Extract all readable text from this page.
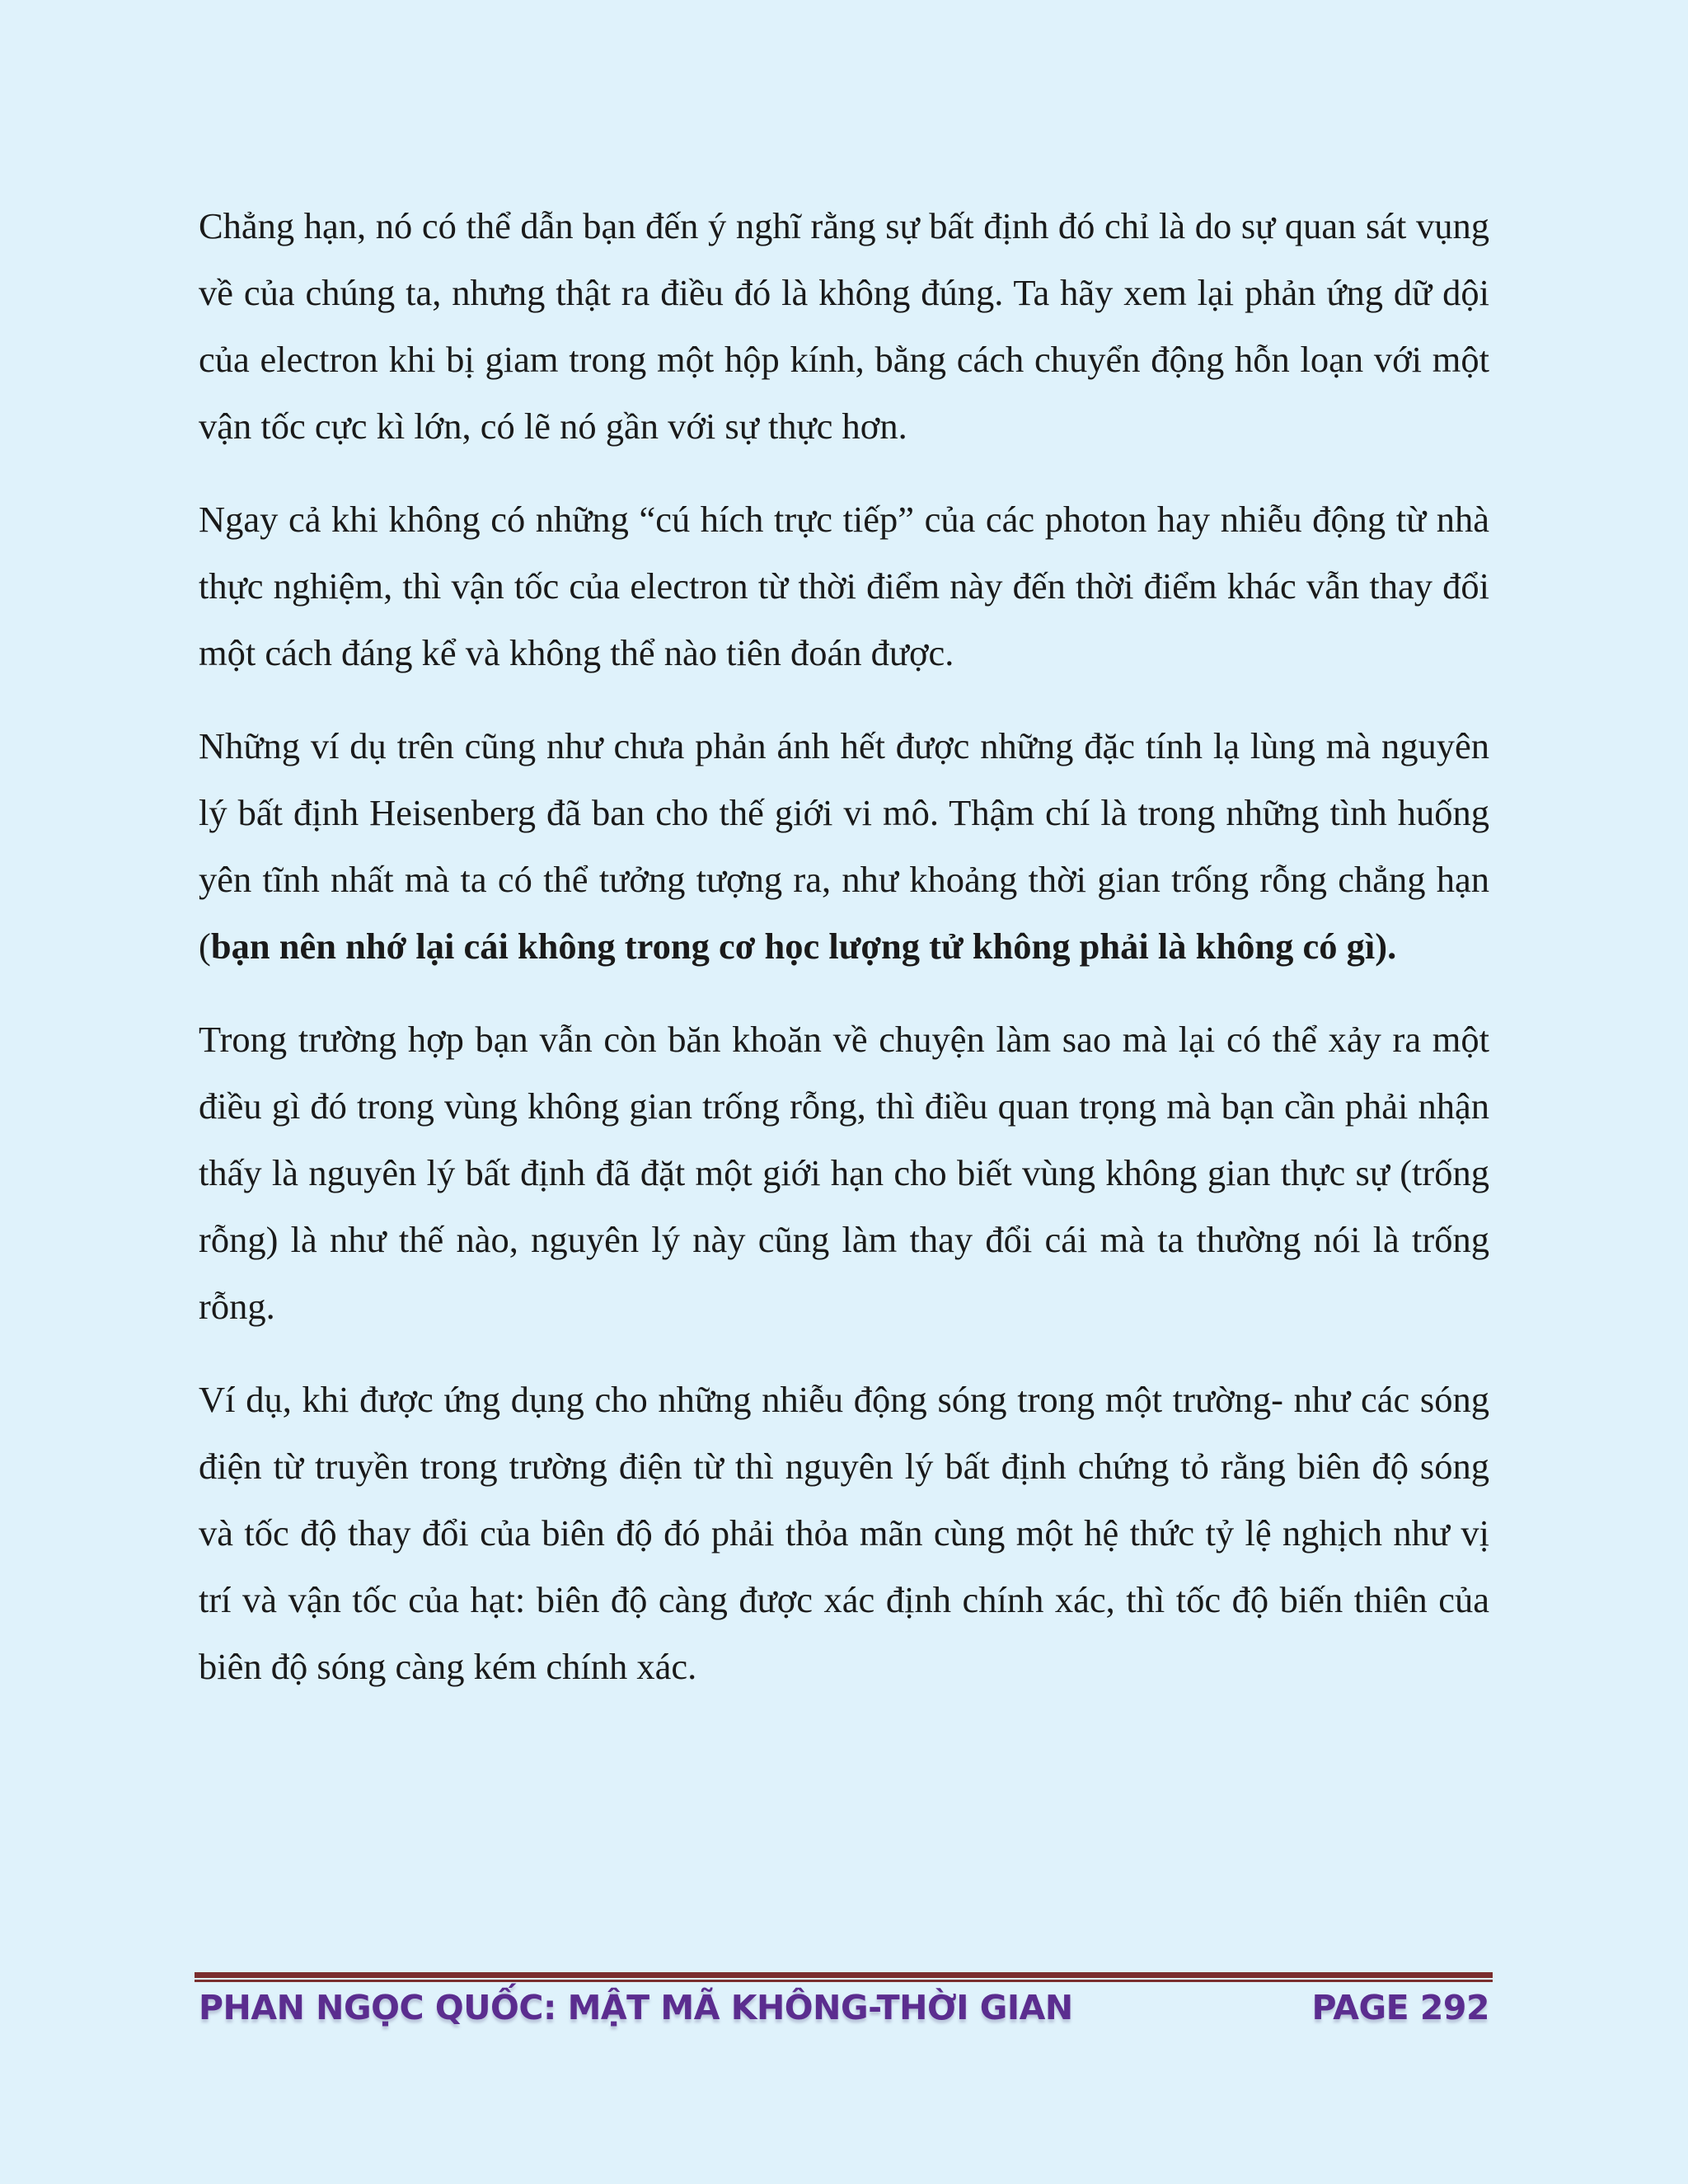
Chẳng hạn, nó có thể dẫn bạn đến ý nghĩ rằng sự bất định đó chỉ là do sự quan sát vụng về của chúng ta, nhưng thật ra điều đó là không đúng. Ta hãy xem lại phản ứng dữ dội của electron khi bị giam trong một hộp kính, bằng cách chuyển động hỗn loạn với một vận tốc cực kì lớn, có lẽ nó gần với sự thực hơn.

Ngay cả khi không có những “cú hích trực tiếp” của các photon hay nhiễu động từ nhà thực nghiệm, thì vận tốc của electron từ thời điểm này đến thời điểm khác vẫn thay đổi một cách đáng kể và không thể nào tiên đoán được.

Những ví dụ trên cũng như chưa phản ánh hết được những đặc tính lạ lùng mà nguyên lý bất định Heisenberg đã ban cho thế giới vi mô. Thậm chí là trong những tình huống yên tĩnh nhất mà ta có thể tưởng tượng ra, như khoảng thời gian trống rỗng chẳng hạn (bạn nên nhớ lại cái không trong cơ học lượng tử không phải là không có gì).

Trong trường hợp bạn vẫn còn băn khoăn về chuyện làm sao mà lại có thể xảy ra một điều gì đó trong vùng không gian trống rỗng, thì điều quan trọng mà bạn cần phải nhận thấy là nguyên lý bất định đã đặt một giới hạn cho biết vùng không gian thực sự (trống rỗng) là như thế nào, nguyên lý này cũng làm thay đổi cái mà ta thường nói là trống rỗng.

Ví dụ, khi được ứng dụng cho những nhiễu động sóng trong một trường- như các sóng điện từ truyền trong trường điện từ thì nguyên lý bất định chứng tỏ rằng biên độ sóng và tốc độ thay đổi của biên độ đó phải thỏa mãn cùng một hệ thức tỷ lệ nghịch như vị trí và vận tốc của hạt: biên độ càng được xác định chính xác, thì tốc độ biến thiên của biên độ sóng càng kém chính xác.

PHAN NGỌC QUỐC: MẬT MÃ KHÔNG-THỜI GIAN	PAGE 292
